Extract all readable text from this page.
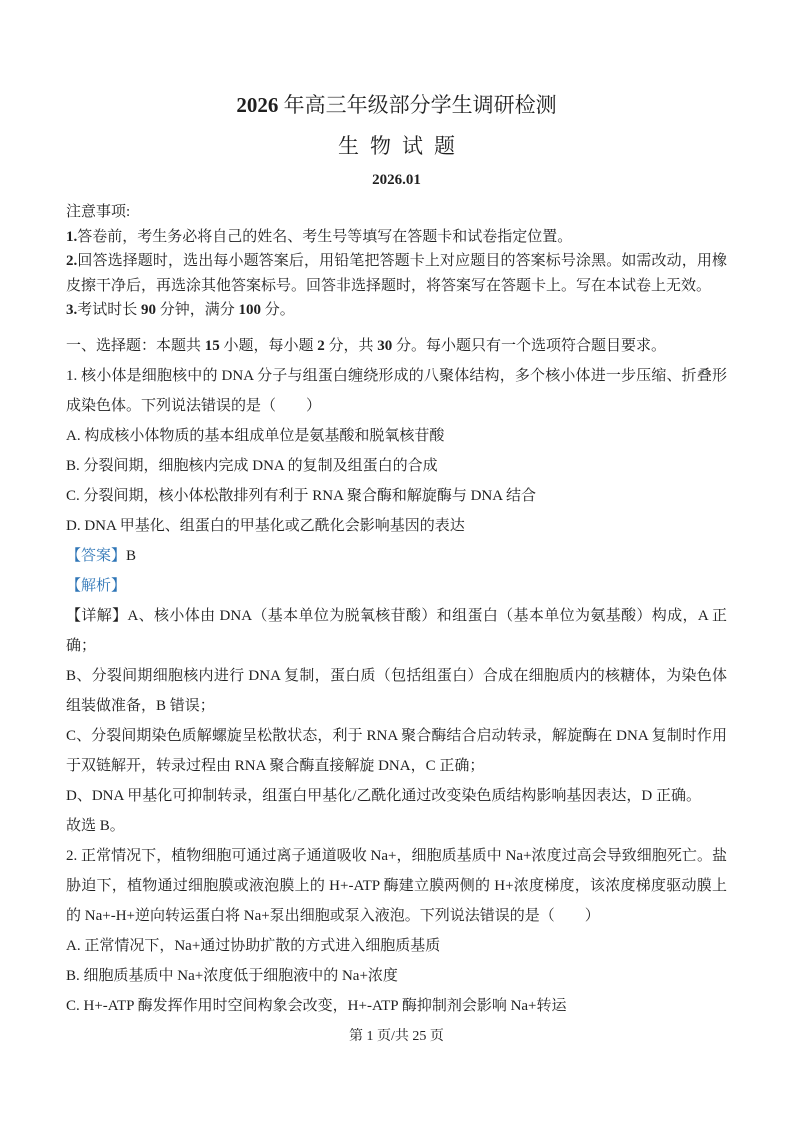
2026 年高三年级部分学生调研检测
生物试题

2026.01

注意事项:

1.答卷前，考生务必将自己的姓名、考生号等填写在答题卡和试卷指定位置。

2.回答选择题时，选出每小题答案后，用铅笔把答题卡上对应题目的答案标号涂黑。如需改动，用橡皮擦干净后，再选涂其他答案标号。回答非选择题时，将答案写在答题卡上。写在本试卷上无效。

3.考试时长 90 分钟，满分 100 分。

一、选择题：本题共 15 小题，每小题 2 分，共 30 分。每小题只有一个选项符合题目要求。

1. 核小体是细胞核中的 DNA 分子与组蛋白缠绕形成的八聚体结构，多个核小体进一步压缩、折叠形成染色体。下列说法错误的是（　　）

A. 构成核小体物质的基本组成单位是氨基酸和脱氧核苷酸

B. 分裂间期，细胞核内完成 DNA 的复制及组蛋白的合成

C. 分裂间期，核小体松散排列有利于 RNA 聚合酶和解旋酶与 DNA 结合

D. DNA 甲基化、组蛋白的甲基化或乙酰化会影响基因的表达

【答案】B

【解析】

【详解】A、核小体由 DNA（基本单位为脱氧核苷酸）和组蛋白（基本单位为氨基酸）构成，A 正确；

B、分裂间期细胞核内进行 DNA 复制，蛋白质（包括组蛋白）合成在细胞质内的核糖体，为染色体组装做准备，B 错误；

C、分裂间期染色质解螺旋呈松散状态，利于 RNA 聚合酶结合启动转录，解旋酶在 DNA 复制时作用于双链解开，转录过程由 RNA 聚合酶直接解旋 DNA，C 正确；

D、DNA 甲基化可抑制转录，组蛋白甲基化/乙酰化通过改变染色质结构影响基因表达，D 正确。

故选 B。

2. 正常情况下，植物细胞可通过离子通道吸收 Na+，细胞质基质中 Na+浓度过高会导致细胞死亡。盐胁迫下，植物通过细胞膜或液泡膜上的 H+-ATP 酶建立膜两侧的 H+浓度梯度，该浓度梯度驱动膜上的 Na+-H+逆向转运蛋白将 Na+泵出细胞或泵入液泡。下列说法错误的是（　　）

A. 正常情况下，Na+通过协助扩散的方式进入细胞质基质

B. 细胞质基质中 Na+浓度低于细胞液中的 Na+浓度

C. H+-ATP 酶发挥作用时空间构象会改变，H+-ATP 酶抑制剂会影响 Na+转运

第 1 页/共 25 页
